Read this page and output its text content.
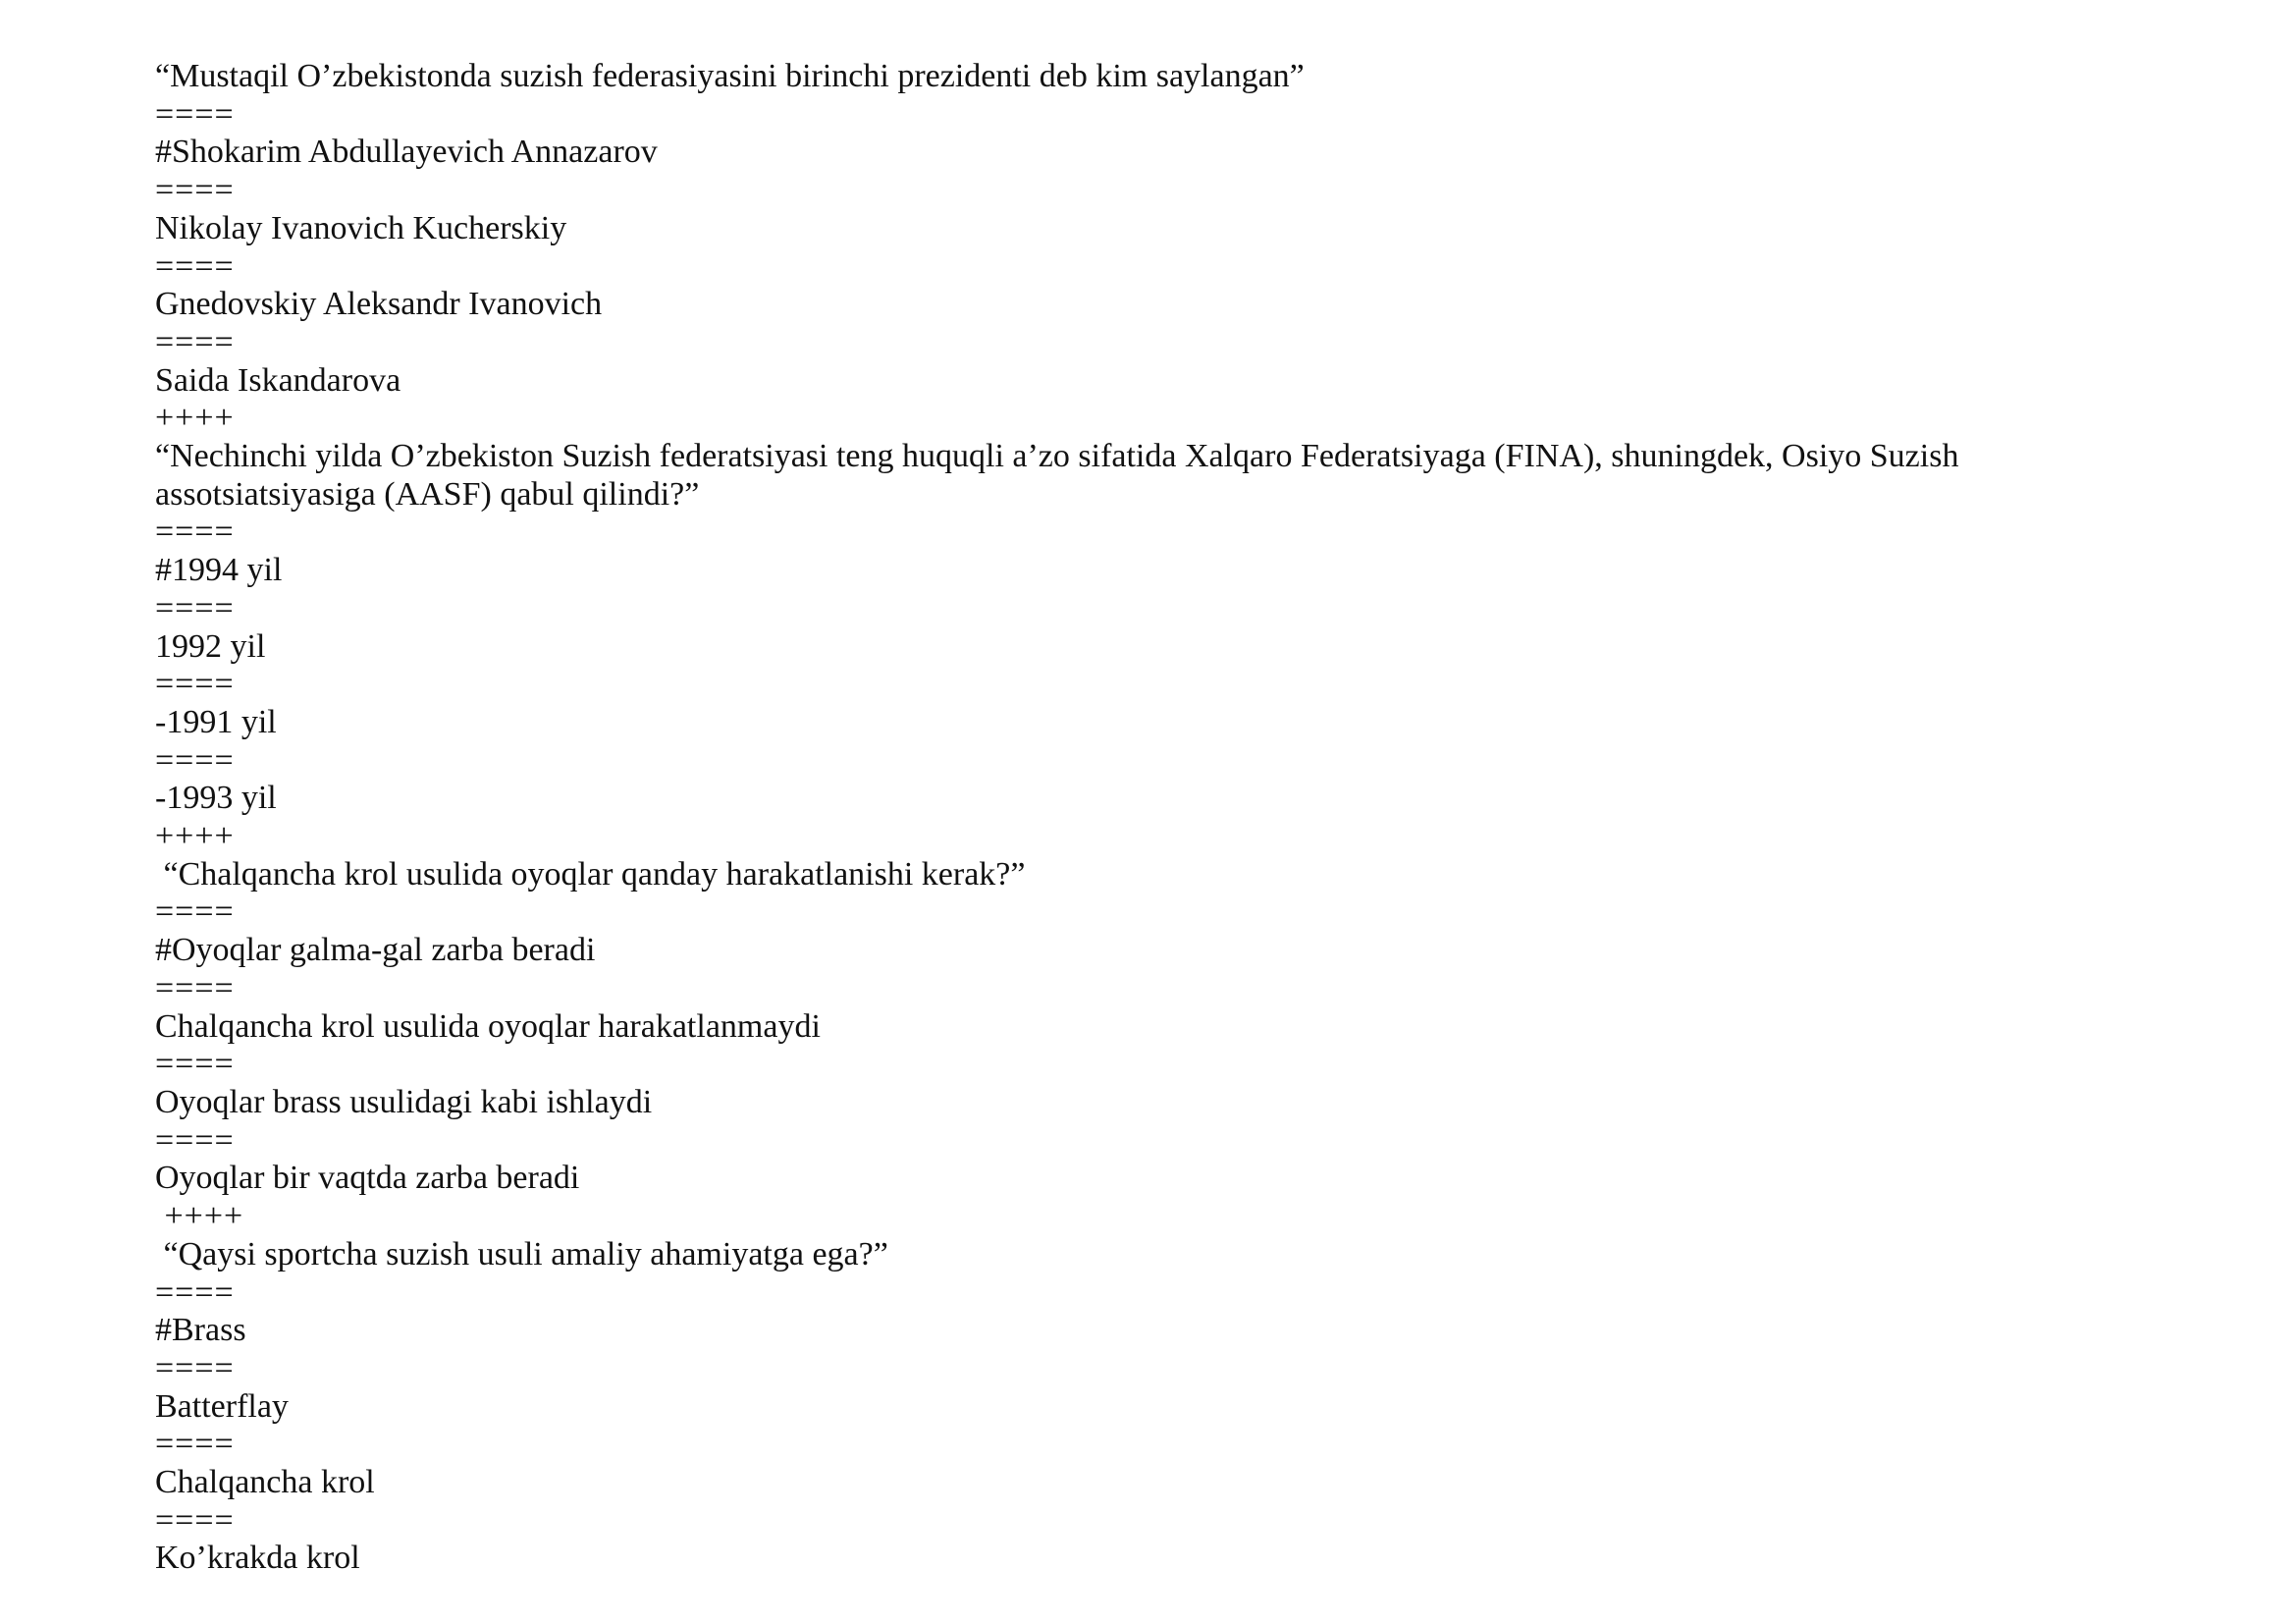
“Mustaqil O’zbekistonda suzish federasiyasini birinchi prezidenti deb kim saylangan”

====

#Shokarim Abdullayevich Annazarov

====

Nikolay Ivanovich Kucherskiy

====

Gnedovskiy Aleksandr Ivanovich

====

Saida Iskandarova

++++

“Nechinchi yilda O’zbekiston Suzish federatsiyasi teng huquqli a’zo sifatida Xalqaro Federatsiyaga (FINA), shuningdek, Osiyo Suzish assotsiatsiyasiga (AASF) qabul qilindi?”

====

#1994 yil

====

1992 yil

====

-1991 yil

====

-1993 yil

++++

“Chalqancha krol usulida oyoqlar qanday harakatlanishi kerak?”

====

#Oyoqlar galma-gal zarba beradi

====

Chalqancha krol usulida oyoqlar harakatlanmaydi

====

Oyoqlar brass usulidagi kabi ishlaydi

====

Oyoqlar bir vaqtda zarba beradi

++++

“Qaysi sportcha suzish usuli amaliy ahamiyatga ega?”

====

#Brass

====

Batterflay

====

Chalqancha krol

====

Ko’krakda krol
